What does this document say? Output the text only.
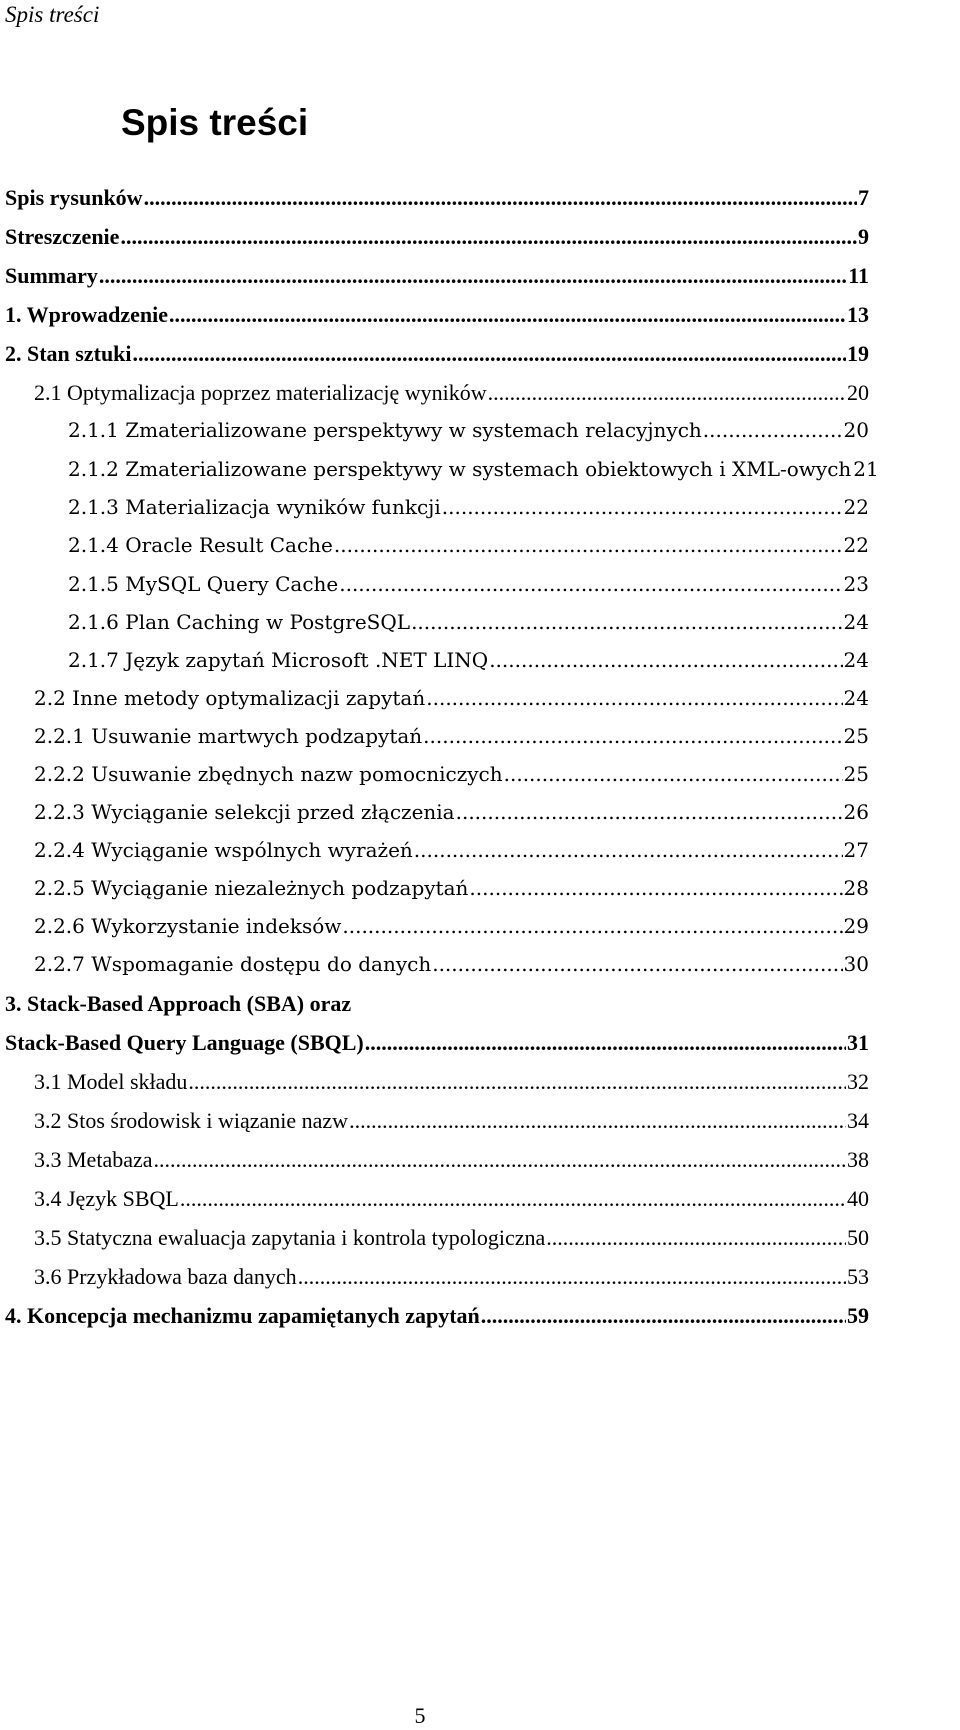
Spis treści
Spis treści
Spis rysunków .....	7
Streszczenie .....	9
Summary .....	11
1. Wprowadzenie .....	13
2. Stan sztuki .....	19
2.1 Optymalizacja poprzez materializację wyników .....	20
2.1.1 Zmaterializowane perspektywy w systemach relacyjnych .....	20
2.1.2 Zmaterializowane perspektywy w systemach obiektowych i XML-owych 21
2.1.3 Materializacja wyników funkcji .....	22
2.1.4 Oracle Result Cache .....	22
2.1.5 MySQL Query Cache .....	23
2.1.6 Plan Caching w PostgreSQL .....	24
2.1.7 Język zapytań Microsoft .NET LINQ .....	24
2.2 Inne metody optymalizacji zapytań .....	24
2.2.1 Usuwanie martwych podzapytań .....	25
2.2.2 Usuwanie zbędnych nazw pomocniczych .....	25
2.2.3 Wyciąganie selekcji przed złączenia .....	26
2.2.4 Wyciąganie wspólnych wyrażeń .....	27
2.2.5 Wyciąganie niezależnych podzapytań .....	28
2.2.6 Wykorzystanie indeksów .....	29
2.2.7 Wspomaganie dostępu do danych .....	30
3. Stack-Based Approach (SBA) oraz
Stack-Based Query Language (SBQL) .....	31
3.1 Model składu .....	32
3.2 Stos środowisk i wiązanie nazw .....	34
3.3 Metabaza .....	38
3.4 Język SBQL .....	40
3.5 Statyczna ewaluacja zapytania i kontrola typologiczna .....	50
3.6 Przykładowa baza danych .....	53
4. Koncepcja mechanizmu zapamiętanych zapytań .....	59
5
